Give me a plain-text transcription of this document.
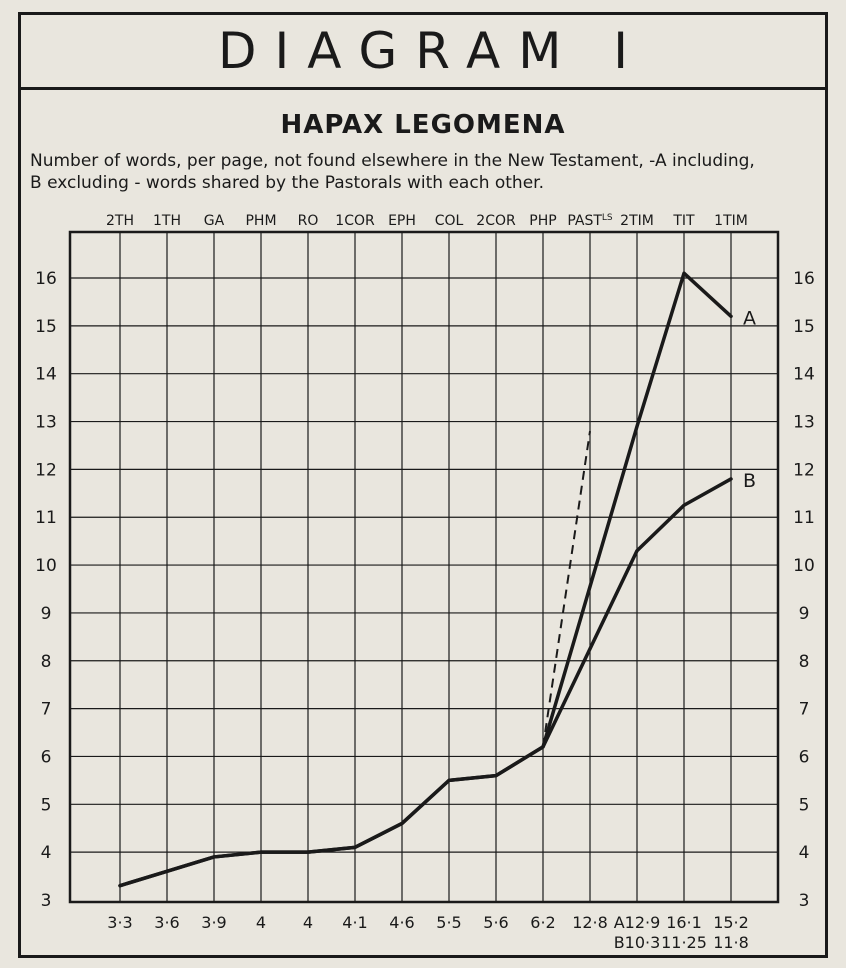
DIAGRAM I
HAPAX LEGOMENA
Number of words, per page, not found elsewhere in the New Testament, -A including,
B excluding - words shared by the Pastorals with each other.
3	3
4	4
5	5
6	6
7	7
8	8
9	9
10	10
11	11
12	12
13	13
14	14
15	15
16	16
2TH 1TH GA PHM RO 1COR EPH COL 2COR PHP $PAST^{LS}$ 2TIM TIT 1TIM
3·3 3·6 3·9 4 4 4·1 4·6 5·5 5·6 6·2 12·8 A12·9
B10·3
16·1
11·25
15·2
11·8
A
B
